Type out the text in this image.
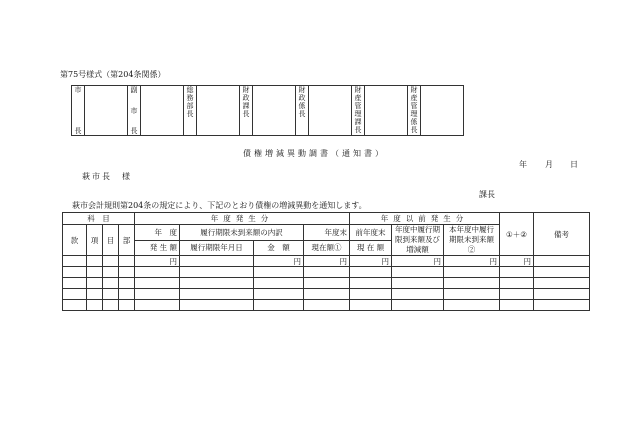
第75号様式（第204条関係）
市
長

副
市
長

総
務
部
長

財
政
課
長

財
政
係
長

財
産
管
理
課
長

財
産
管
理
係
長

債権増減異動調書（通知書）
年 月 日
萩市長　様
課長
萩市会計規則第204条の規定により、下記のとおり債権の増減異動を通知します。
科　目				年度発生分				年度以前発生分			①＋②	備考
款	項	目	部	年　度	履行期限未到来額の内訳		年度末	前年度末	年度中履行期限到来額及び増減額	本年度中履行期限未到来額②		
				発 生 額	履行期限年月日	金　額	現在額①	現 在 額				
				円		円	円	円	円	円	円	
